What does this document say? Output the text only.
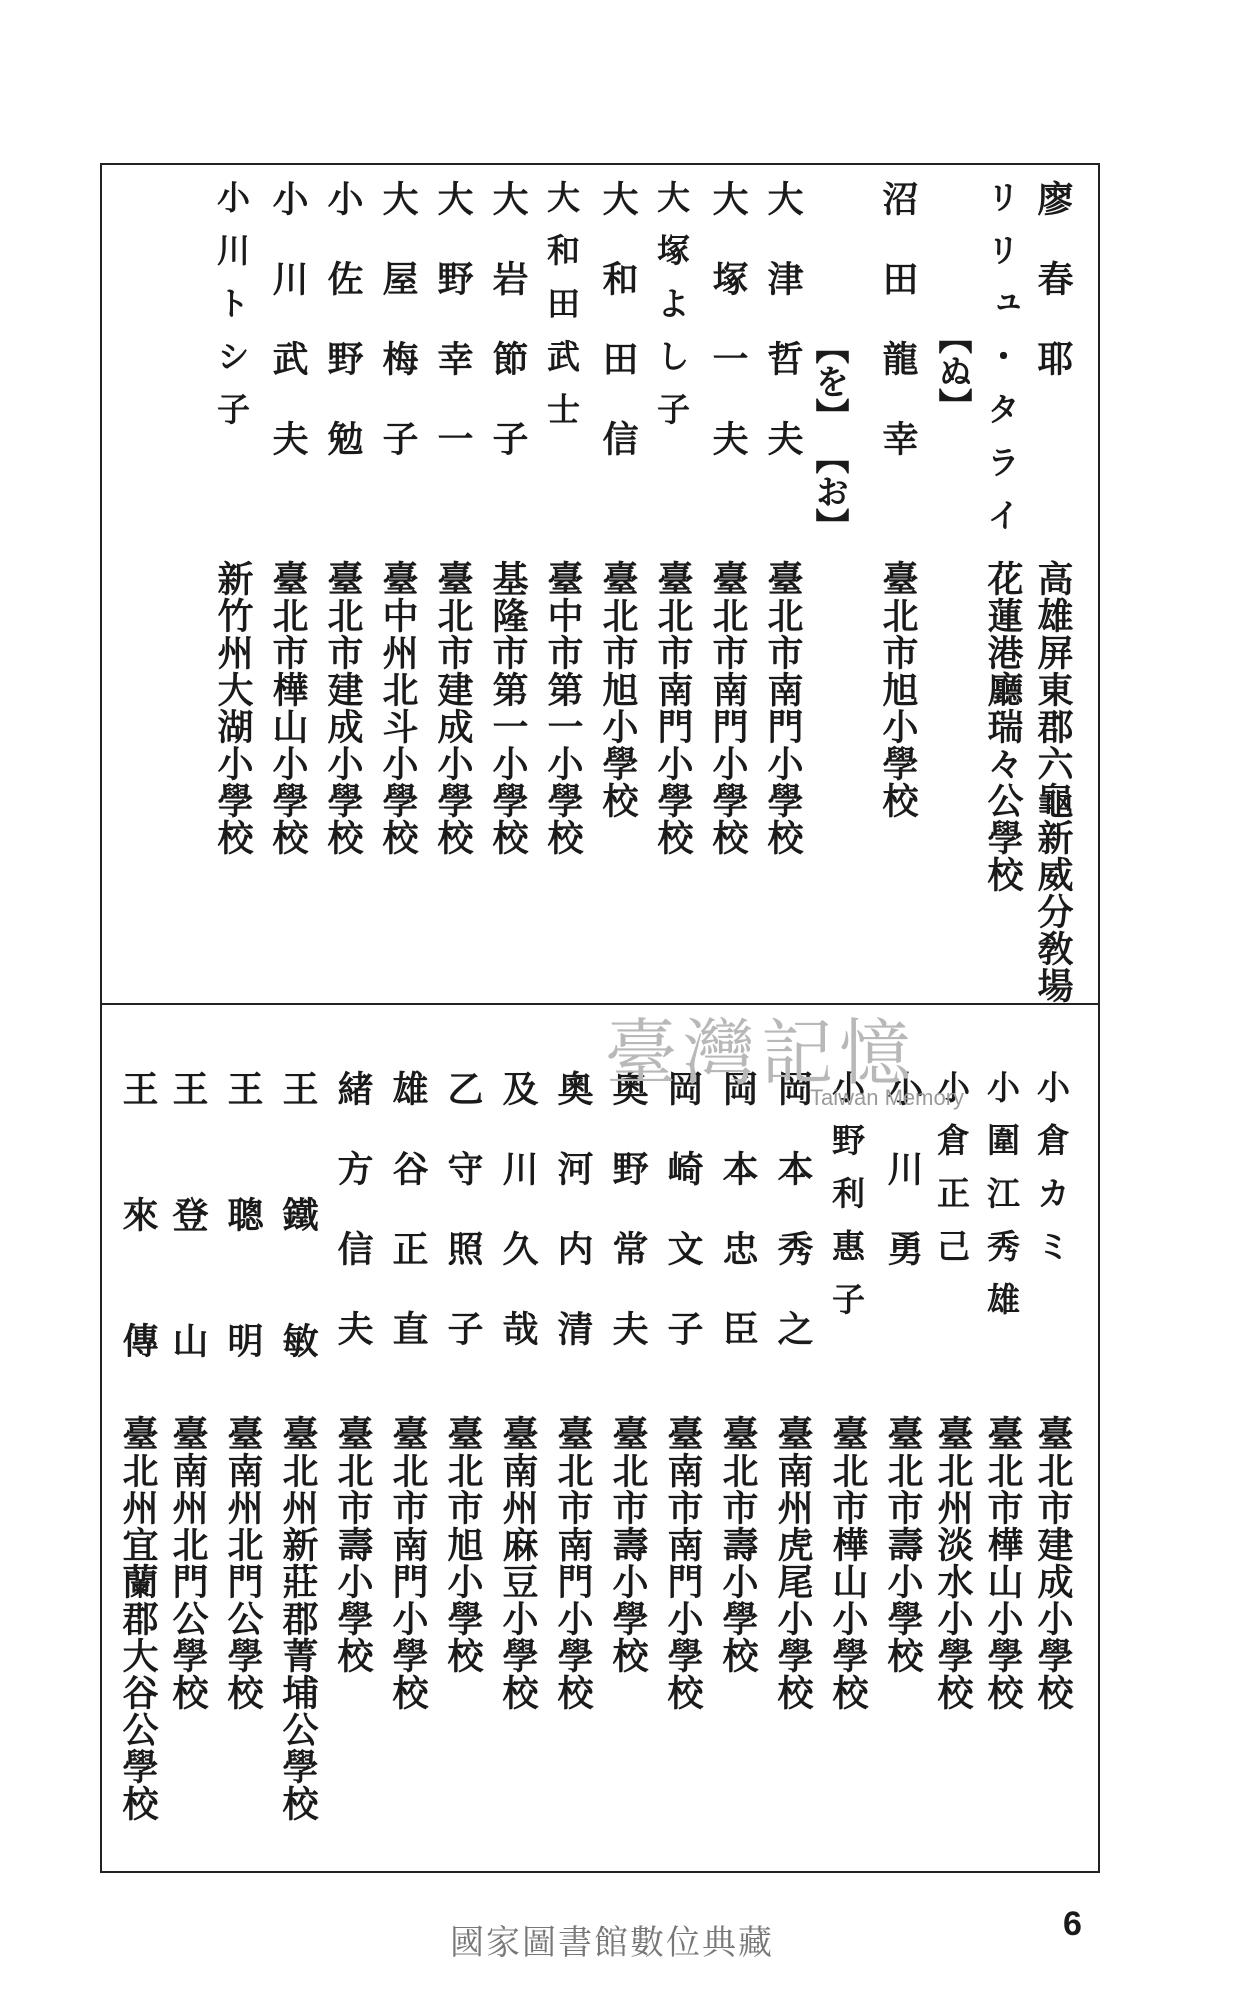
廖春耶
高雄屏東郡六龜新威分敎場
リリュ・タライ
花蓮港廳瑞々公學校
【ぬ】
沼田龍幸
臺北市旭小學校
【を】
【お】
大津哲夫
臺北市南門小學校
大塚一夫
臺北市南門小學校
大塚よし子
臺北市南門小學校
大和田信
臺北市旭小學校
大和田武士
臺中市第一小學校
大岩節子
基隆市第一小學校
大野幸一
臺北市建成小學校
大屋梅子
臺中州北斗小學校
小佐野勉
臺北市建成小學校
小川武夫
臺北市樺山小學校
小川トシ子
新竹州大湖小學校
小倉カミ
臺北市建成小學校
小圍江秀雄
臺北市樺山小學校
小倉正己
臺北州淡水小學校
小川勇
臺北市壽小學校
小野利惠子
臺北市樺山小學校
岡本秀之
臺南州虎尾小學校
岡本忠臣
臺北市壽小學校
岡崎文子
臺南市南門小學校
奧野常夫
臺北市壽小學校
奧河内清
臺北市南門小學校
及川久哉
臺南州麻豆小學校
乙守照子
臺北市旭小學校
雄谷正直
臺北市南門小學校
緒方信夫
臺北市壽小學校
王鐵敏
臺北州新莊郡菁埔公學校
王聰明
臺南州北門公學校
王登山
臺南州北門公學校
王來傳
臺北州宜蘭郡大谷公學校
臺灣記憶
Taiwan Memory
國家圖書館數位典藏	6
